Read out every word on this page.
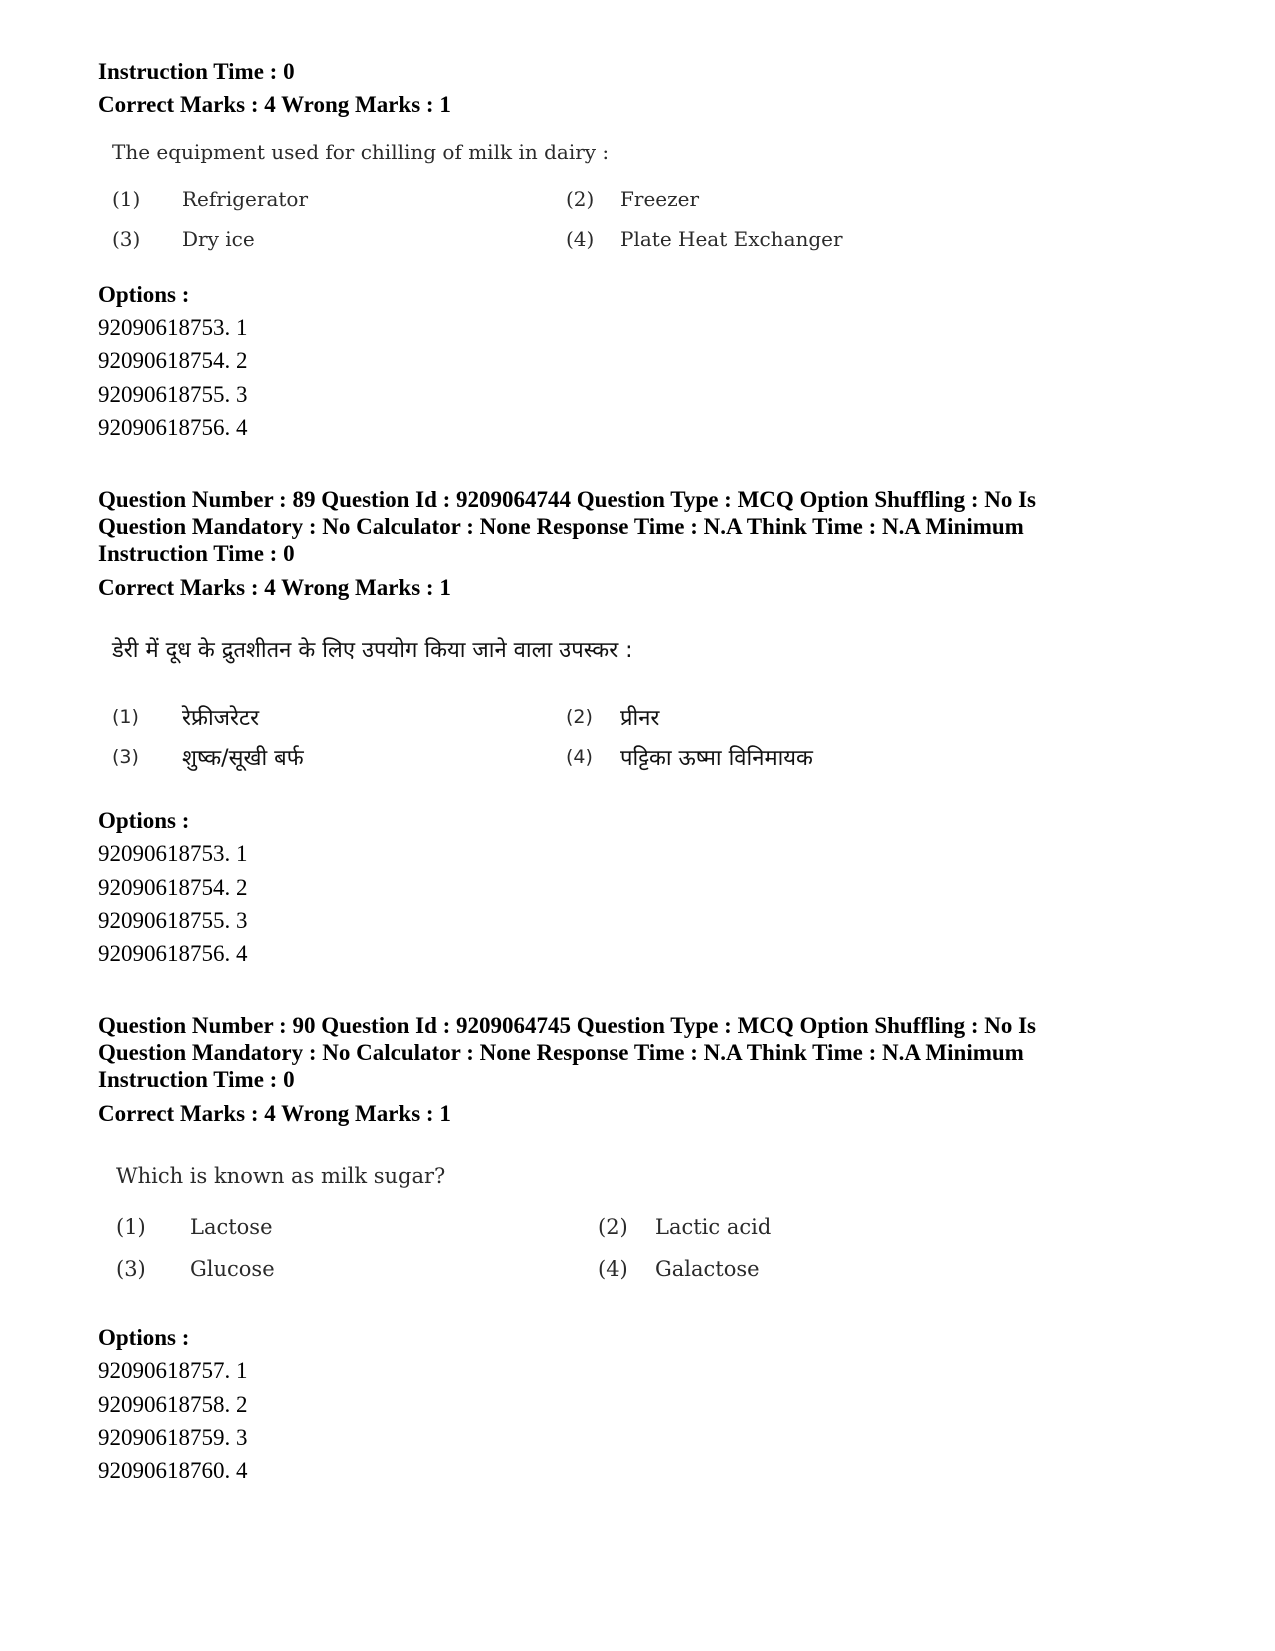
Instruction Time : 0
Correct Marks : 4 Wrong Marks : 1
The equipment used for chilling of milk in dairy :
(1) Refrigerator	(2) Freezer
(3) Dry ice	(4) Plate Heat Exchanger
Options :
92090618753. 1
92090618754. 2
92090618755. 3
92090618756. 4
Question Number : 89 Question Id : 9209064744 Question Type : MCQ Option Shuffling : No Is
Question Mandatory : No Calculator : None Response Time : N.A Think Time : N.A Minimum
Instruction Time : 0
Correct Marks : 4 Wrong Marks : 1
डेरी में दूध के द्रुतशीतन के लिए उपयोग किया जाने वाला उपस्कर :
(1) रेफ्रीजरेटर	(2) प्रीनर
(3) शुष्क/सूखी बर्फ	(4) पट्टिका ऊष्मा विनिमायक
Options :
92090618753. 1
92090618754. 2
92090618755. 3
92090618756. 4
Question Number : 90 Question Id : 9209064745 Question Type : MCQ Option Shuffling : No Is
Question Mandatory : No Calculator : None Response Time : N.A Think Time : N.A Minimum
Instruction Time : 0
Correct Marks : 4 Wrong Marks : 1
Which is known as milk sugar?
(1) Lactose	(2) Lactic acid
(3) Glucose	(4) Galactose
Options :
92090618757. 1
92090618758. 2
92090618759. 3
92090618760. 4
